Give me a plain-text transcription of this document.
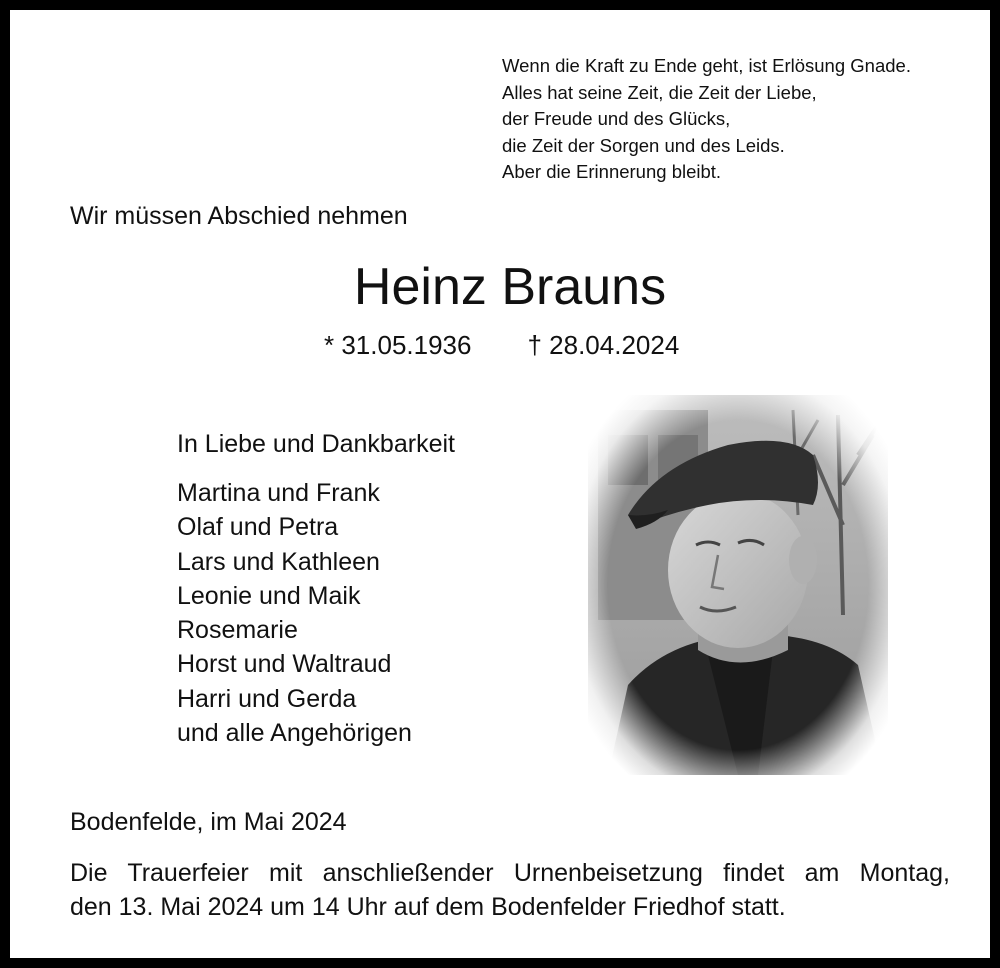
Wenn die Kraft zu Ende geht, ist Erlösung Gnade.
Alles hat seine Zeit, die Zeit der Liebe,
der Freude und des Glücks,
die Zeit der Sorgen und des Leids.
Aber die Erinnerung bleibt.
Wir müssen Abschied nehmen
Heinz Brauns
* 31.05.1936 † 28.04.2024
In Liebe und Dankbarkeit
Martina und Frank
Olaf und Petra
Lars und Kathleen
Leonie und Maik
Rosemarie
Horst und Waltraud
Harri und Gerda
und alle Angehörigen
Bodenfelde, im Mai 2024
Die Trauerfeier mit anschließender Urnenbeisetzung findet am Montag,
den 13. Mai 2024 um 14 Uhr auf dem Bodenfelder Friedhof statt.
